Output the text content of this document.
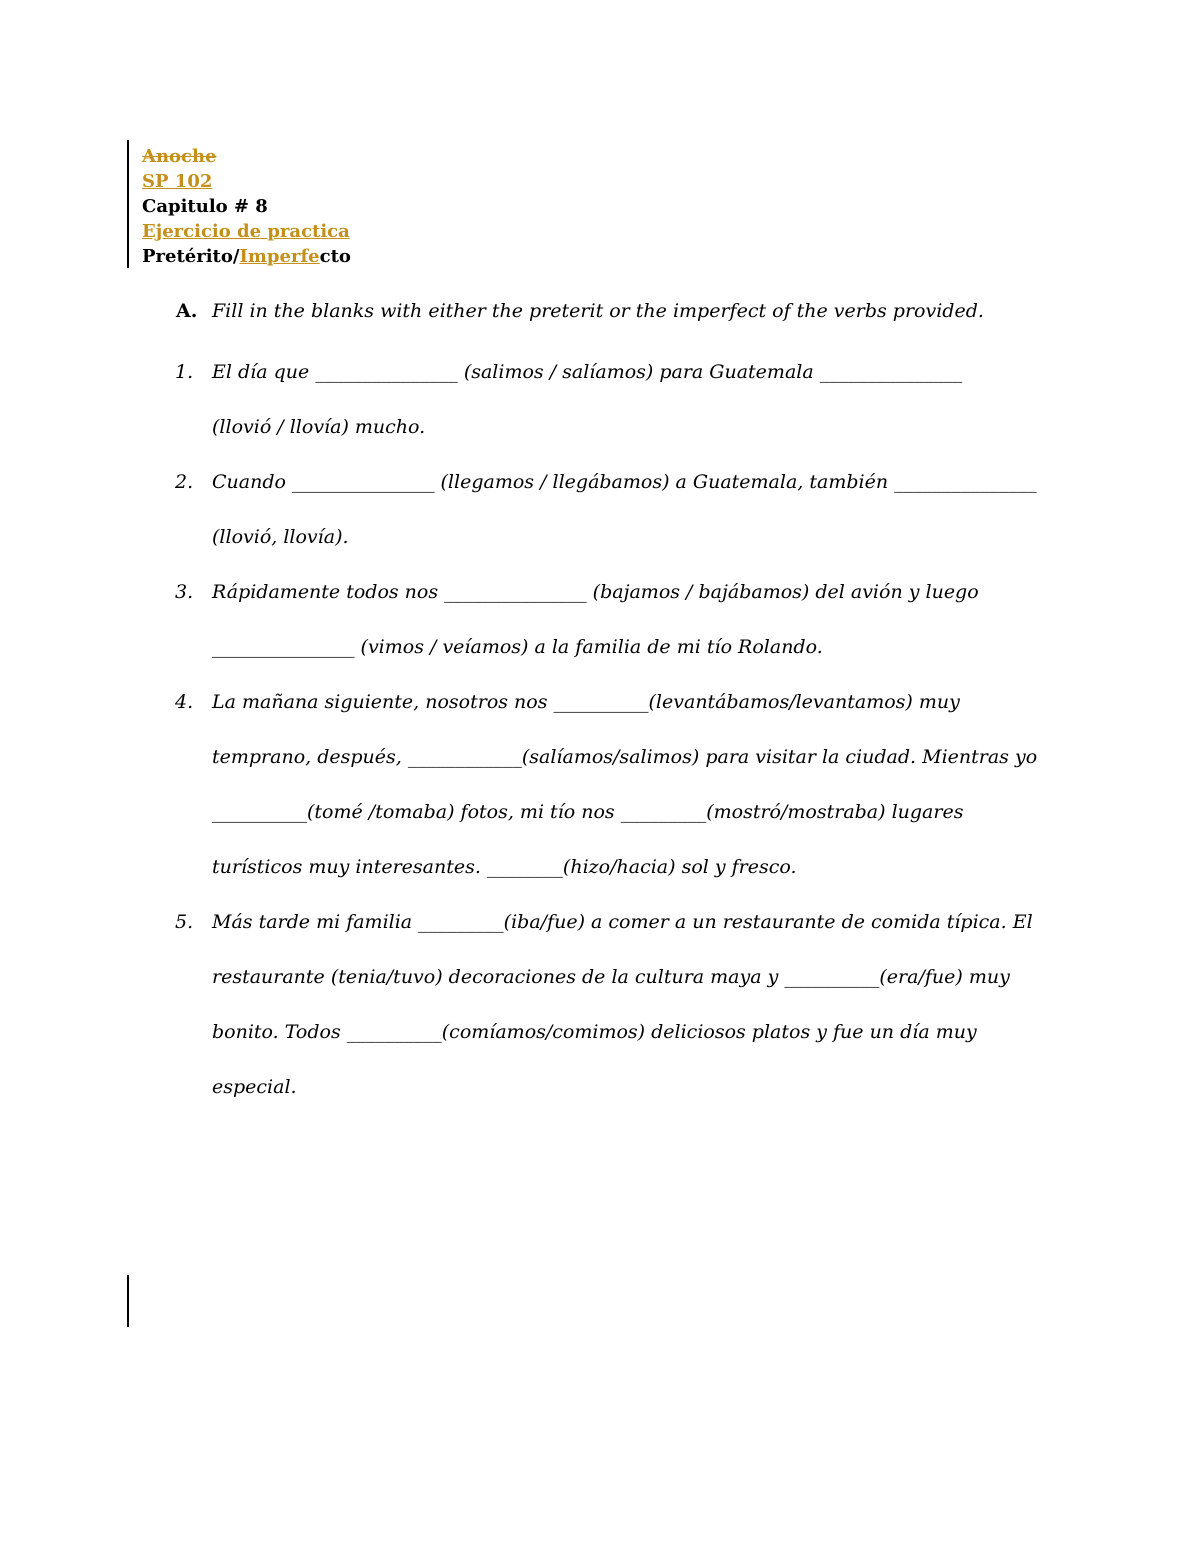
Anoche
SP 102
Capitulo # 8
Ejercicio de practica
Pretérito/Imperfecto
A. Fill in the blanks with either the preterit or the imperfect of the verbs provided.
1. El día que _______________ (salimos / salíamos) para Guatemala _______________
(llovió / llovía) mucho.
2. Cuando _______________ (llegamos / llegábamos) a Guatemala, también _______________
(llovió, llovía).
3. Rápidamente todos nos _______________ (bajamos / bajábamos) del avión y luego
_______________ (vimos / veíamos) a la familia de mi tío Rolando.
4. La mañana siguiente, nosotros nos __________(levantábamos/levantamos) muy
temprano, después, ____________(salíamos/salimos) para visitar la ciudad. Mientras yo
__________(tomé /tomaba) fotos, mi tío nos _________(mostró/mostraba) lugares
turísticos muy interesantes. ________(hizo/hacia) sol y fresco.
5. Más tarde mi familia _________(iba/fue) a comer a un restaurante de comida típica. El
restaurante (tenia/tuvo) decoraciones de la cultura maya y __________(era/fue) muy
bonito. Todos __________(comíamos/comimos) deliciosos platos y fue un día muy
especial.
